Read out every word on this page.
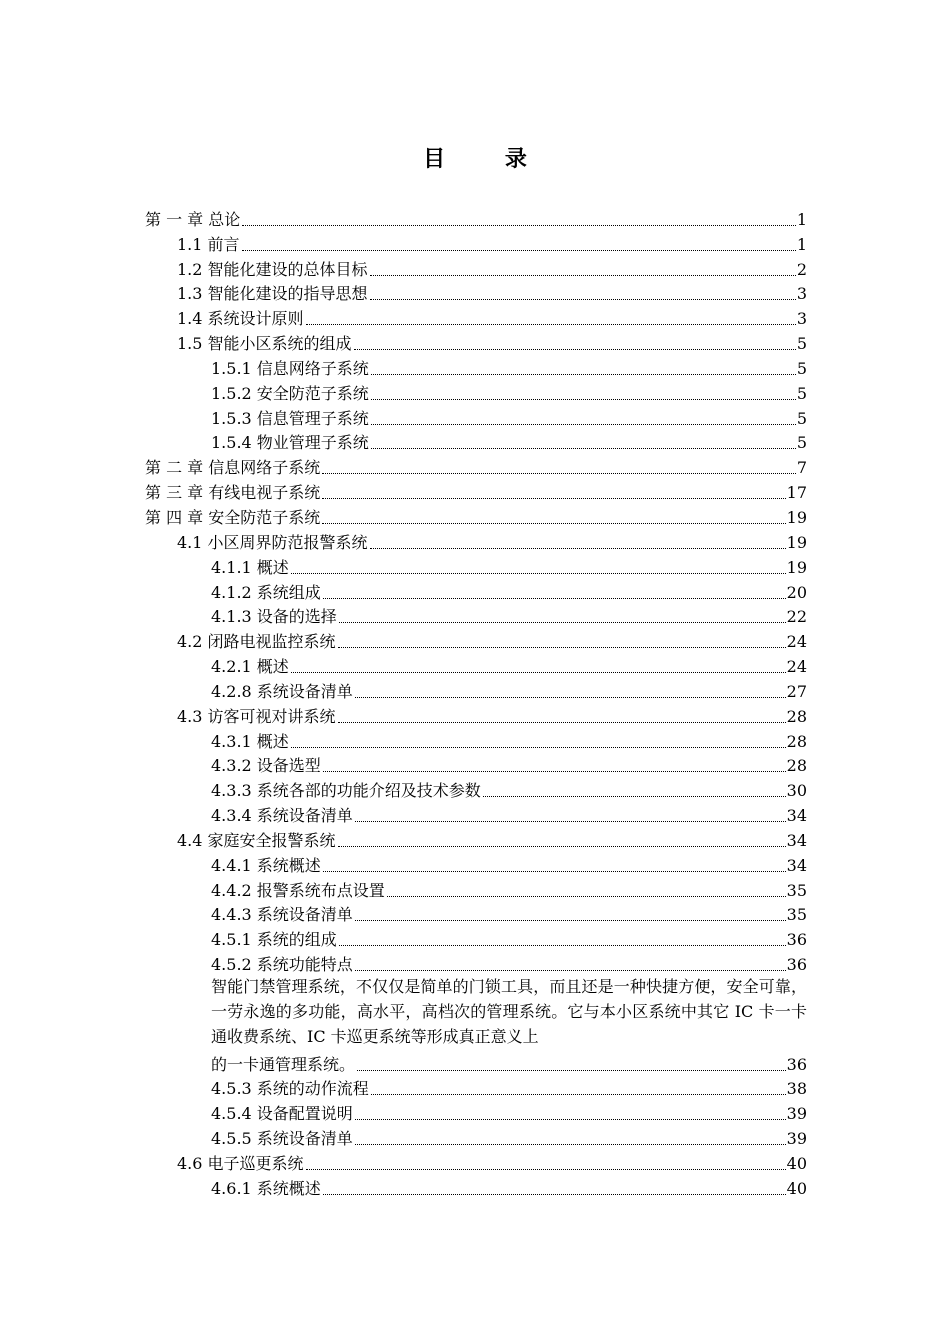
目 录
第 一 章 总论	1
1.1 前言	1
1.2 智能化建设的总体目标	2
1.3 智能化建设的指导思想	3
1.4 系统设计原则	3
1.5 智能小区系统的组成	5
1.5.1 信息网络子系统	5
1.5.2 安全防范子系统	5
1.5.3 信息管理子系统	5
1.5.4 物业管理子系统	5
第 二 章 信息网络子系统	7
第 三 章 有线电视子系统	17
第 四 章 安全防范子系统	19
4.1 小区周界防范报警系统	19
4.1.1 概述	19
4.1.2 系统组成	20
4.1.3 设备的选择	22
4.2 闭路电视监控系统	24
4.2.1 概述	24
4.2.8 系统设备清单	27
4.3 访客可视对讲系统	28
4.3.1 概述	28
4.3.2 设备选型	28
4.3.3 系统各部的功能介绍及技术参数	30
4.3.4 系统设备清单	34
4.4 家庭安全报警系统	34
4.4.1 系统概述	34
4.4.2 报警系统布点设置	35
4.4.3 系统设备清单	35
4.5.1 系统的组成	36
4.5.2 系统功能特点	36
智能门禁管理系统，不仅仅是简单的门锁工具，而且还是一种快捷方便，安全可靠，一劳永逸的多功能，高水平，高档次的管理系统。它与本小区系统中其它 IC 卡一卡通收费系统、IC 卡巡更系统等形成真正意义上
的一卡通管理系统。	36
4.5.3 系统的动作流程	38
4.5.4 设备配置说明	39
4.5.5 系统设备清单	39
4.6 电子巡更系统	40
4.6.1 系统概述	40
